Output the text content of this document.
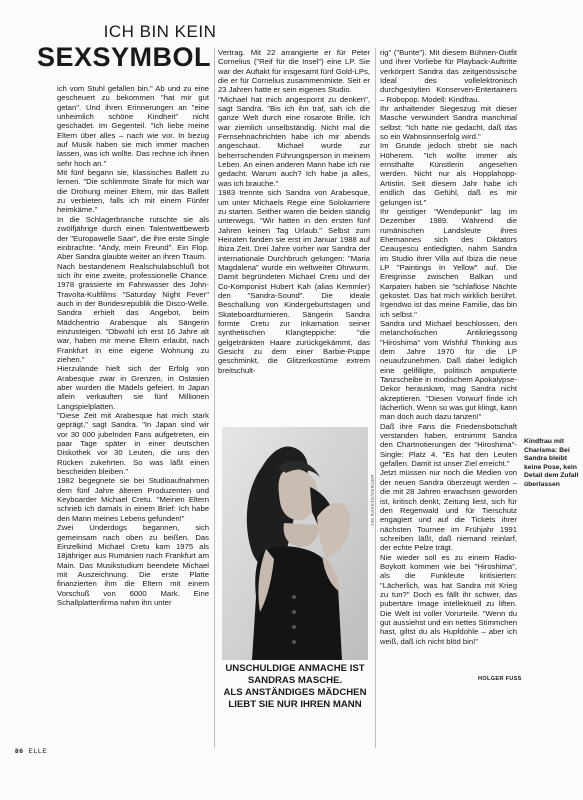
ICH BIN KEIN
SEXSYMBOL

ich vom Stuhl gefallen bin." Ab und zu eine gescheuert zu bekommen "hat mir gut getan". Und ihren Erinnerungen an "eine unheimlich schöne Kindheit" nicht geschadet. Im Gegenteil. "Ich liebe meine Eltern über alles – nach wie vor. In bezug auf Musik haben sie mich immer machen lassen, was ich wollte. Das rechne ich ihnen sehr hoch an."

Mit fünf begann sie, klassisches Ballett zu lernen. "Die schlimmste Strafe für mich war die Drohung meiner Eltern, mir das Ballett zu verbieten, falls ich mit einem Fünfer heimkäme."

In die Schlagerbranche rutschte sie als zwölfjährige durch einen Talentwettbewerb der "Europawelle Saar", die ihre erste Single einbrachte: "Andy, mein Freund". Ein Flop. Aber Sandra glaubte weiter an ihren Traum.

Nach bestandenem Realschulabschluß bot sich ihr eine zweite, professionelle Chance. 1978 grassierte im Fahrwasser des John-Travolta-Kultfilms "Saturday Night Fever" auch in der Bundesrepublik die Disco-Welle. Sandra erhielt das Angebot, beim Mädchentrio Arabesque als Sängerin einzusteigen. "Obwohl ich erst 16 Jahre alt war, haben mir meine Eltern erlaubt, nach Frankfurt in eine eigene Wohnung zu ziehen."

Hierzulande hielt sich der Erfolg von Arabesque zwar in Grenzen, in Ostasien aber wurden die Mädels gefeiert. In Japan allein verkauften sie fünf Millionen Langspielplatten.

"Diese Zeit mit Arabesque hat mich stark geprägt," sagt Sandra. "In Japan sind wir vor 30 000 jubelnden Fans aufgetreten, ein paar Tage später in einer deutschen Diskothek vor 30 Leuten, die uns den Rücken zukehrten. So was läßt einen bescheiden bleiben."

1982 begegnete sie bei Studioaufnahmen dem fünf Jahre älteren Produzenten und Keyboarder Michael Cretu. "Meinen Eltern schrieb ich damals in einem Brief: Ich habe den Mann meines Lebens gefunden!"

Zwei Underdogs begannen, sich gemeinsam nach oben zu beißen. Das Einzelkind Michael Cretu kam 1975 als 18jähriger aus Rumänien nach Frankfurt am Main. Das Musikstudium beendete Michael mit Auszeichnung. Die erste Platte finanzierten ihm die Eltern mit einem Vorschuß von 6000 Mark. Eine Schallplattenfirma nahm ihn unter

Vertrag. Mit 22 arrangierte er für Peter Cornelius ("Reif für die Insel") eine LP. Sie war der Auftakt für insgesamt fünf Gold-LPs, die er für Cornelius zusammenmixte. Seit er 23 Jahren hatte er sein eigenes Studio.

"Michael hat mich angespornt zu denken", sagt Sandra. "Bis ich ihn traf, sah ich die ganze Welt durch eine rosarote Brille. Ich war ziemlich unselbständig. Nicht mal die Fernsehnachrichten habe ich mir abends angeschaut. Michael wurde zur beherrschenden Führungsperson in meinem Leben. An einen anderen Mann habe ich nie gedacht. Warum auch? Ich habe ja alles, was ich brauche."

1983 trennte sich Sandra von Arabesque, um unter Michaels Regie eine Solokarriere zu starten. Seither waren die beiden ständig unterwegs. "Wir hatten in den ersten fünf Jahren keinen Tag Urlaub." Selbst zum Heiraten fanden sie erst im Januar 1988 auf Ibiza Zeit. Drei Jahre vorher war Sandra der internationale Durchbruch gelungen: "Maria Magdalena" wurde ein weltweiter Ohrwurm. Damit begründeten Michael Cretu und der Co-Komponist Hubert Kah (alias Kemmler) den "Sandra-Sound". Die ideale Beschallung von Kindergeburtstagen und Skateboardturnieren. Sängerin Sandra formte Cretu zur Inkarnation seiner synthetischen Klangteppiche: "die gelgetränkten Haare zurückgekämmt, das Gesicht zu dem einer Barbie-Puppe geschminkt, die Glitzerkostüme extrem breitschult-

JIM RAKETE/VERGER
UNSCHULDIGE ANMACHE IST
SANDRAS MASCHE.
ALS ANSTÄNDIGES MÄDCHEN
LIEBT SIE NUR IHREN MANN

rig" ("Bunte"). Mit diesem Bühnen-Outfit und ihrer Vorliebe für Playback-Auftritte verkörpert Sandra das zeitgenössische Ideal des vollelektronisch durchgestylten Konserven-Entertainers – Robopop. Modell: Kindfrau.

Ihr anhaltender Siegeszug mit dieser Masche verwundert Sandra manchmal selbst: "Ich hätte nie gedacht, daß das so ein Wahnsinnserfolg wird."

Im Grunde jedoch strebt sie nach Höherem. "Ich wollte immer als ernsthafte Künstlerin angesehen werden. Nicht nur als Hopplahopp-Artistin. Seit diesem Jahr habe ich endlich das Gefühl, daß es mir gelungen ist."

Ihr geistiger "Wendepunkt" lag im Dezember 1989. Während die rumänischen Landsleute ihres Ehemannes sich des Diktators Ceauşescu entledigten, nahm Sandra im Studio ihrer Villa auf Ibiza die neue LP "Paintings In Yellow" auf. Die Ereignisse zwischen Balkan und Karpaten haben sie "schlaflose Nächte gekostet. Das hat mich wirklich berührt. Irgendwo ist das meine Familie, das bin ich selbst."

Sandra und Michael beschlossen, den melancholischen Antikriegssong "Hiroshima" vom Wishful Thinking aus dem Jahre 1970 für die LP neuaufzunehmen. Daß dabei lediglich eine gelifiligte, politisch amputierte Tanzscheibe in modischem Apokalypse-Dekor herauskam, mag Sandra nicht akzeptieren. "Diesen Vorwurf finde ich lächerlich. Wenn so was gut klingt, kann man doch auch dazu tanzen!"

Daß ihre Fans die Friedensbotschaft verstanden haben, entnimmt Sandra den Chartnotierungen der "Hiroshima"-Single: Platz 4. "Es hat den Leuten gefallen. Damit ist unser Ziel erreicht."

Jetzt müssen nur noch die Medien von der neuen Sandra überzeugt werden – die mit 28 Jahren erwachsen geworden ist, kritisch denkt, Zeitung liest, sich für den Regenwald und für Tierschutz engagiert und auf die Tickets ihrer nächsten Tournee im Frühjahr 1991 schreiben läßt, daß niemand reinlarf, der echte Pelze trägt.

Nie wieder soll es zu einem Radio-Boykott kommen wie bei "Hiroshima", als die Funkleute kritisierten: "Lächerlich, was hat Sandra mit Krieg zu tun?" Doch es fällt ihr schwer, das pubertäre Image intellektuell zu liften. Die Welt ist voller Vorurteile. "Wenn du gut aussiehst und ein nettes Stimmchen hast, giltst du als Hupfdohle – aber ich weiß, daß ich nicht blöd bin!"

HOLGER FUSS
Kindfrau mit Charisma: Bei Sandra bleibt keine Pose, kein Detail dem Zufall überlassen
86 ELLE
